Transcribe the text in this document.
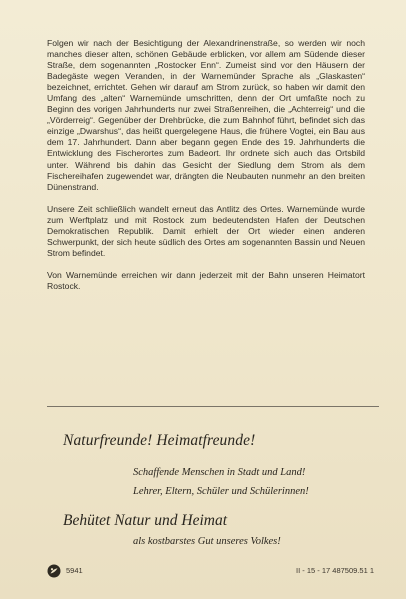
Folgen wir nach der Besichtigung der Alexandrinenstraße, so werden wir noch manches dieser alten, schönen Gebäude erblicken, vor allem am Südende dieser Straße, dem sogenannten „Rostocker Enn“. Zumeist sind vor den Häusern der Badegäste wegen Veranden, in der Warnemünder Sprache als „Glaskasten“ bezeichnet, errichtet. Gehen wir darauf am Strom zurück, so haben wir damit den Umfang des „alten“ Warnemünde umschritten, denn der Ort umfaßte noch zu Beginn des vorigen Jahrhunderts nur zwei Straßenreihen, die „Achterreig“ und die „Vörderreig“. Gegenüber der Drehbrücke, die zum Bahnhof führt, befindet sich das einzige „Dwarshus“, das heißt quergelegene Haus, die frühere Vogtei, ein Bau aus dem 17. Jahrhundert. Dann aber begann gegen Ende des 19. Jahrhunderts die Entwicklung des Fischerortes zum Badeort. Ihr ordnete sich auch das Ortsbild unter. Während bis dahin das Gesicht der Siedlung dem Strom als dem Fischereihafen zugewendet war, drängten die Neubauten nunmehr an den breiten Dünenstrand.

Unsere Zeit schließlich wandelt erneut das Antlitz des Ortes. Warnemünde wurde zum Werftplatz und mit Rostock zum bedeutendsten Hafen der Deutschen Demokratischen Republik. Damit erhielt der Ort wieder einen anderen Schwerpunkt, der sich heute südlich des Ortes am sogenannten Bassin und Neuen Strom befindet.

Von Warnemünde erreichen wir dann jederzeit mit der Bahn unseren Heimatort Rostock.

Naturfreunde! Heimatfreunde!
Schaffende Menschen in Stadt und Land!
Lehrer, Eltern, Schüler und Schülerinnen!
Behütet Natur und Heimat
als kostbarstes Gut unseres Volkes!
5941	II - 15 - 17 487509.51 1
